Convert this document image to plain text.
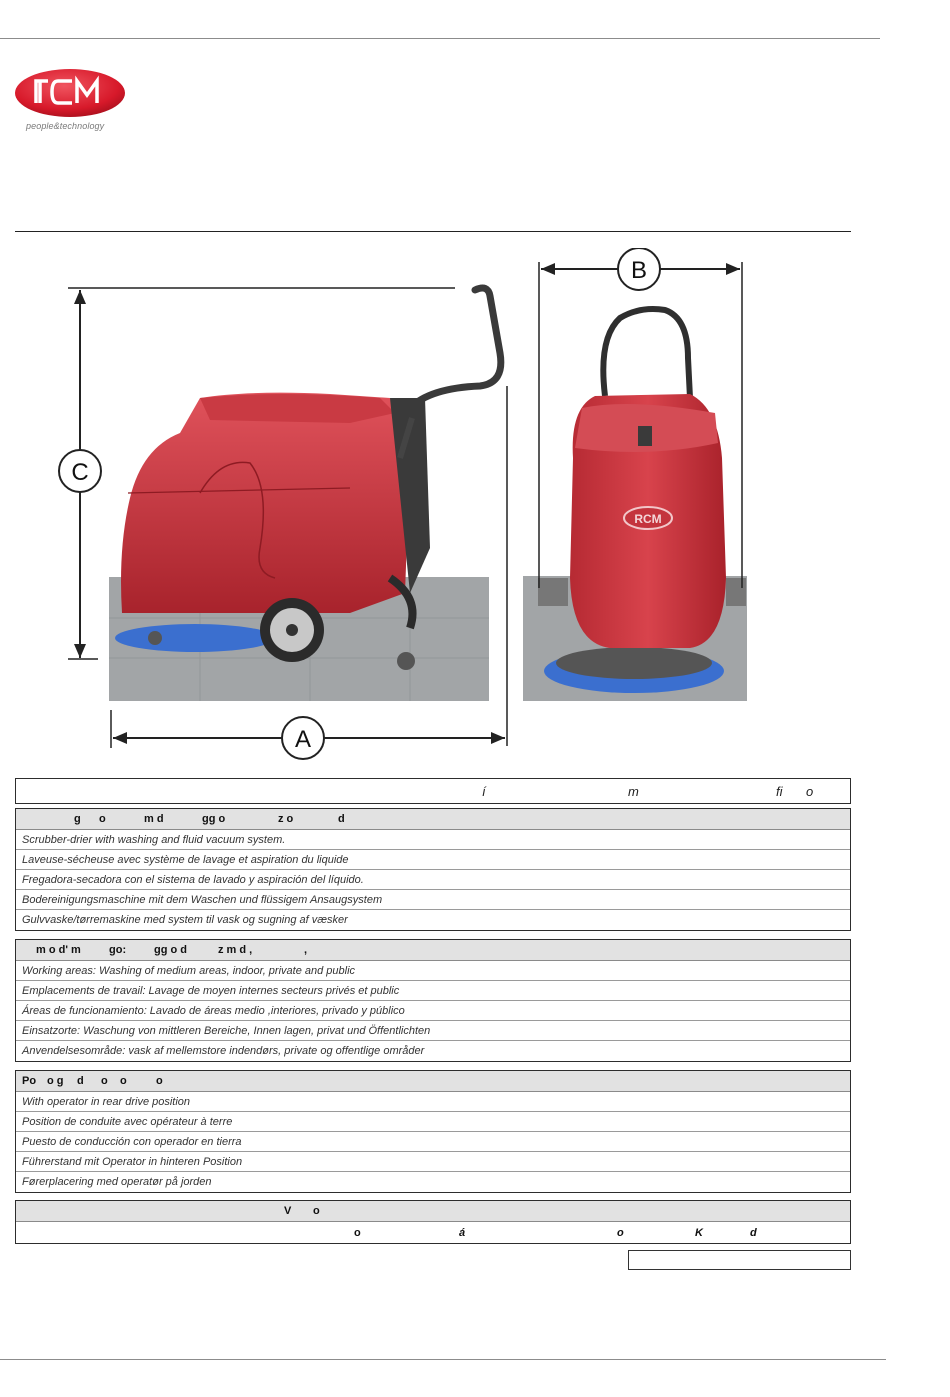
people&technology
C
A
RCM
B
í	m	fi o
g o	m d	gg o	z o	d
Scrubber-drier with washing and fluid vacuum system.
Laveuse-sécheuse avec système de lavage et aspiration du liquide
Fregadora-secadora con el sistema de lavado y aspiración del líquido.
Bodereinigungsmaschine mit dem Waschen und flüssigem Ansaugsystem
Gulvvaske/tørremaskine med system til vask og sugning af væsker
m o d' m	go:	gg o d	z m d ,	,
Working areas: Washing of medium areas, indoor, private and public
Emplacements de travail: Lavage de moyen internes secteurs privés et public
Áreas de funcionamiento: Lavado de áreas medio ,interiores, privado y público
Einsatzorte: Waschung von mittleren Bereiche, Innen lagen, privat und Öffentlichten
Anvendelsesområde: vask af mellemstore indendørs, private og offentlige områder
Po o g d o o	o
With operator in rear drive position
Position de conduite avec opérateur à terre
Puesto de conducción con operador en tierra
Führerstand mit Operator in hinteren Position
Førerplacering med operatør på jorden
V o
o	á	o	K	d
